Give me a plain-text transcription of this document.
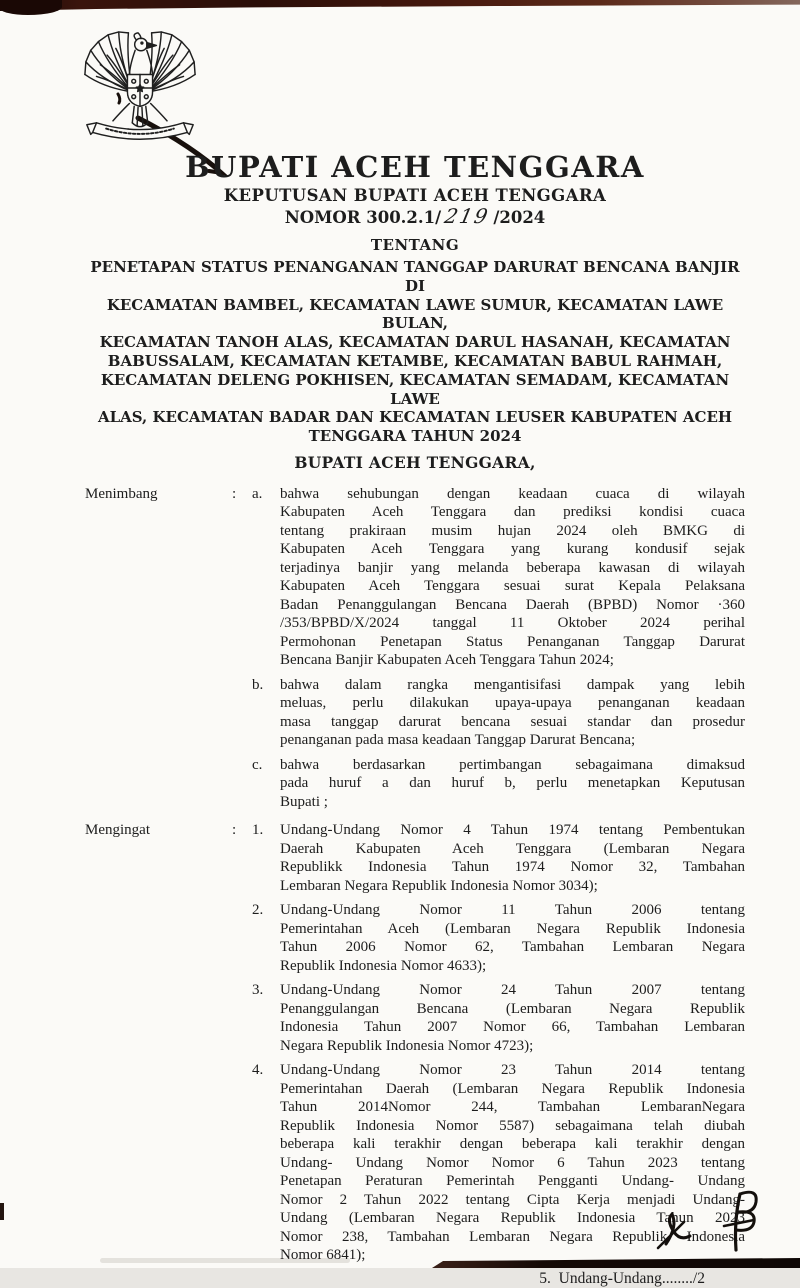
BUPATI ACEH TENGGARA
KEPUTUSAN BUPATI ACEH TENGGARA
NOMOR 300.2.1/219/2024
TENTANG
PENETAPAN STATUS PENANGANAN TANGGAP DARURAT BENCANA BANJIR DI
KECAMATAN BAMBEL, KECAMATAN LAWE SUMUR, KECAMATAN LAWE BULAN,
KECAMATAN TANOH ALAS, KECAMATAN DARUL HASANAH, KECAMATAN
BABUSSALAM, KECAMATAN KETAMBE, KECAMATAN BABUL RAHMAH,
KECAMATAN DELENG POKHISEN, KECAMATAN SEMADAM, KECAMATAN LAWE
ALAS, KECAMATAN BADAR DAN KECAMATAN LEUSER KABUPATEN ACEH
TENGGARA TAHUN 2024
BUPATI ACEH TENGGARA,
Menimbang	:	a.	bahwa sehubungan dengan keadaan cuaca di wilayah
Kabupaten Aceh Tenggara dan prediksi kondisi cuaca
tentang prakiraan musim hujan 2024 oleh BMKG di
Kabupaten Aceh Tenggara yang kurang kondusif sejak
terjadinya banjir yang melanda beberapa kawasan di wilayah
Kabupaten Aceh Tenggara sesuai surat Kepala Pelaksana
Badan Penanggulangan Bencana Daerah (BPBD) Nomor ·360
/353/BPBD/X/2024 tanggal 11 Oktober 2024 perihal
Permohonan Penetapan Status Penanganan Tanggap Darurat
Bencana Banjir Kabupaten Aceh Tenggara Tahun 2024;
b.	bahwa dalam rangka mengantisifasi dampak yang lebih
meluas, perlu dilakukan upaya-upaya penanganan keadaan
masa tanggap darurat bencana sesuai standar dan prosedur
penanganan pada masa keadaan Tanggap Darurat Bencana;
c.	bahwa berdasarkan pertimbangan sebagaimana dimaksud
pada huruf a dan huruf b, perlu menetapkan Keputusan
Bupati ;
Mengingat	:	1.	Undang-Undang Nomor 4 Tahun 1974 tentang Pembentukan
Daerah Kabupaten Aceh Tenggara (Lembaran Negara
Republikk Indonesia Tahun 1974 Nomor 32, Tambahan
Lembaran Negara Republik Indonesia Nomor 3034);
2.	Undang-Undang Nomor 11 Tahun 2006 tentang
Pemerintahan Aceh (Lembaran Negara Republik Indonesia
Tahun 2006 Nomor 62, Tambahan Lembaran Negara
Republik Indonesia Nomor 4633);
3.	Undang-Undang Nomor 24 Tahun 2007 tentang
Penanggulangan Bencana (Lembaran Negara Republik
Indonesia Tahun 2007 Nomor 66, Tambahan Lembaran
Negara Republik Indonesia Nomor 4723);
4.	Undang-Undang Nomor 23 Tahun 2014 tentang
Pemerintahan Daerah (Lembaran Negara Republik Indonesia
Tahun 2014Nomor 244, Tambahan LembaranNegara
Republik Indonesia Nomor 5587) sebagaimana telah diubah
beberapa kali terakhir dengan beberapa kali terakhir dengan
Undang- Undang Nomor Nomor 6 Tahun 2023 tentang
Penetapan Peraturan Pemerintah Pengganti Undang- Undang
Nomor 2 Tahun 2022 tentang Cipta Kerja menjadi Undang-
Undang (Lembaran Negara Republik Indonesia Tahun 2023
Nomor 238, Tambahan Lembaran Negara Republik Indonesia
Nomor 6841);
5.  Undang-Undang......../2
